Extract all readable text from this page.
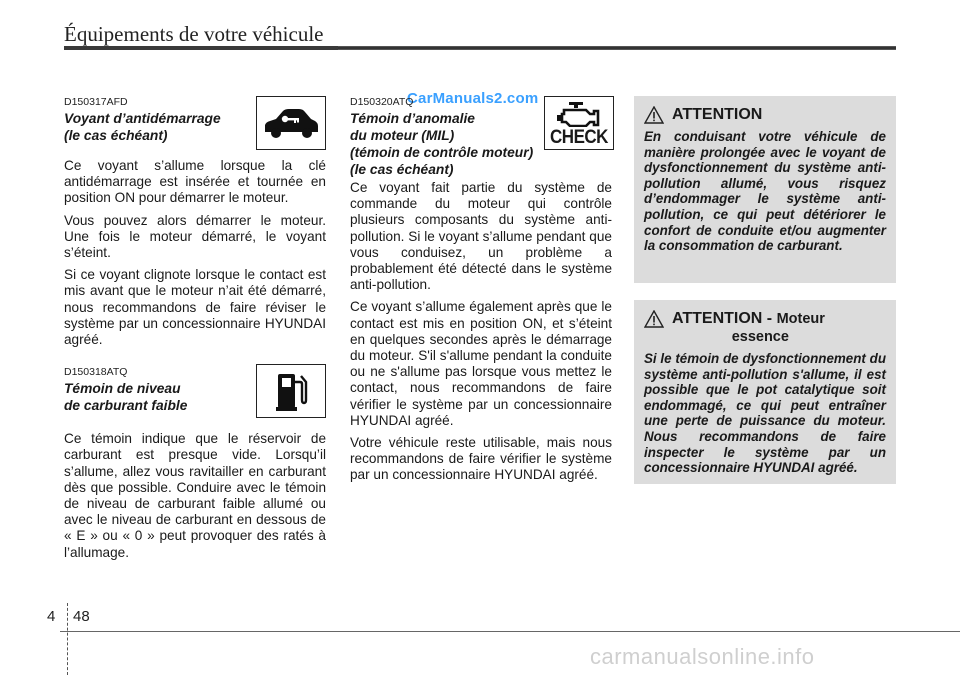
Équipements de votre véhicule
D150317AFD
Voyant d’antidémarrage
(le cas échéant)

Ce voyant s’allume lorsque la clé antidémarrage est insérée et tournée en position ON pour démarrer le moteur.

Vous pouvez alors démarrer le moteur. Une fois le moteur démarré, le voyant s’éteint.

Si ce voyant clignote lorsque le contact est mis avant que le moteur n’ait été démarré, nous recommandons de faire réviser le système par un concessionnaire HYUNDAI agréé.

D150318ATQ
Témoin de niveau
de carburant faible

Ce témoin indique que le réservoir de carburant est presque vide. Lorsqu’il s’allume, allez vous ravitailler en carburant dès que possible. Conduire avec le témoin de niveau de carburant faible allumé ou avec le niveau de carburant en dessous de « E » ou « 0 » peut provoquer des ratés à l’allumage.

CarManuals2.com
D150320ATQ
Témoin d’anomalie
du moteur (MIL)
(témoin de contrôle moteur)
(le cas échéant)

Ce voyant fait partie du système de commande du moteur qui contrôle plusieurs composants du système anti-pollution. Si le voyant s’allume pendant que vous conduisez, un problème a probablement été détecté dans le système anti-pollution.

Ce voyant s’allume également après que le contact est mis en position ON, et s’éteint en quelques secondes après le démarrage du moteur. S'il s'allume pendant la conduite ou ne s'allume pas lorsque vous mettez le contact, nous recommandons de faire vérifier le système par un concessionnaire HYUNDAI agréé.

Votre véhicule reste utilisable, mais nous recommandons de faire vérifier le système par un concessionnaire HYUNDAI agréé.

CHECK
ATTENTION
En conduisant votre véhicule de manière prolongée avec le voyant de dysfonctionnement du système anti-pollution allumé, vous risquez d’endommager le système anti-pollution, ce qui peut détériorer le confort de conduite et/ou augmenter la consommation de carburant.
ATTENTION - Moteur
essence
Si le témoin de dysfonctionnement du système anti-pollution s'allume, il est possible que le pot catalytique soit endommagé, ce qui peut entraîner une perte de puissance du moteur. Nous recommandons de faire inspecter le système par un concessionnaire HYUNDAI agréé.
4 48
carmanualsonline.info
